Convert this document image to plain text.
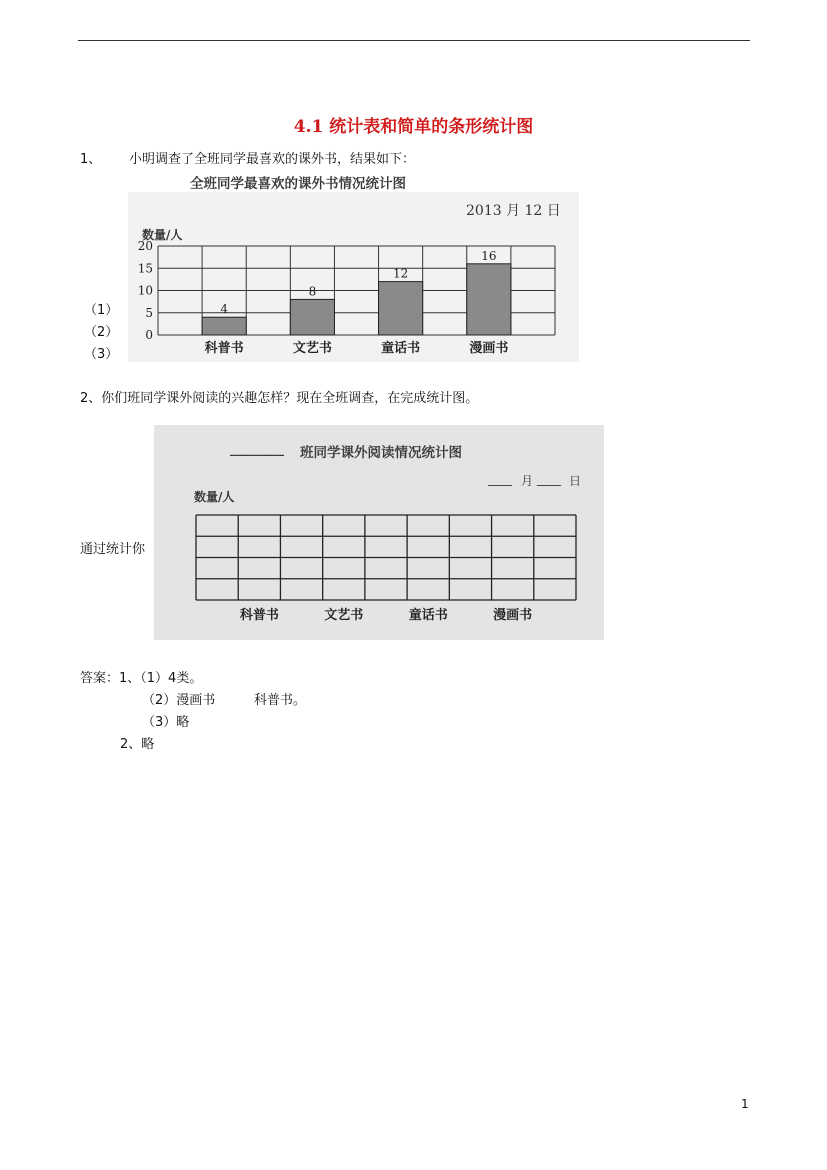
4.1 统计表和简单的条形统计图
1、 小明调查了全班同学最喜欢的课外书，结果如下：
全班同学最喜欢的课外书情况统计图
2013 月 12 日
数量/人
20
15
10
5
0
4
科普书
8
文艺书
12
童话书
16
漫画书
（1）
（2）
（3）
2、你们班同学课外阅读的兴趣怎样？现在全班调查，在完成统计图。
________ 班同学课外阅读情况统计图
____ 月 ____ 日
数量/人
科普书	文艺书	童话书	漫画书
通过统计你
答案：1、（1）4类。
（2）漫画书	科普书。
（3）略
2、略
1
